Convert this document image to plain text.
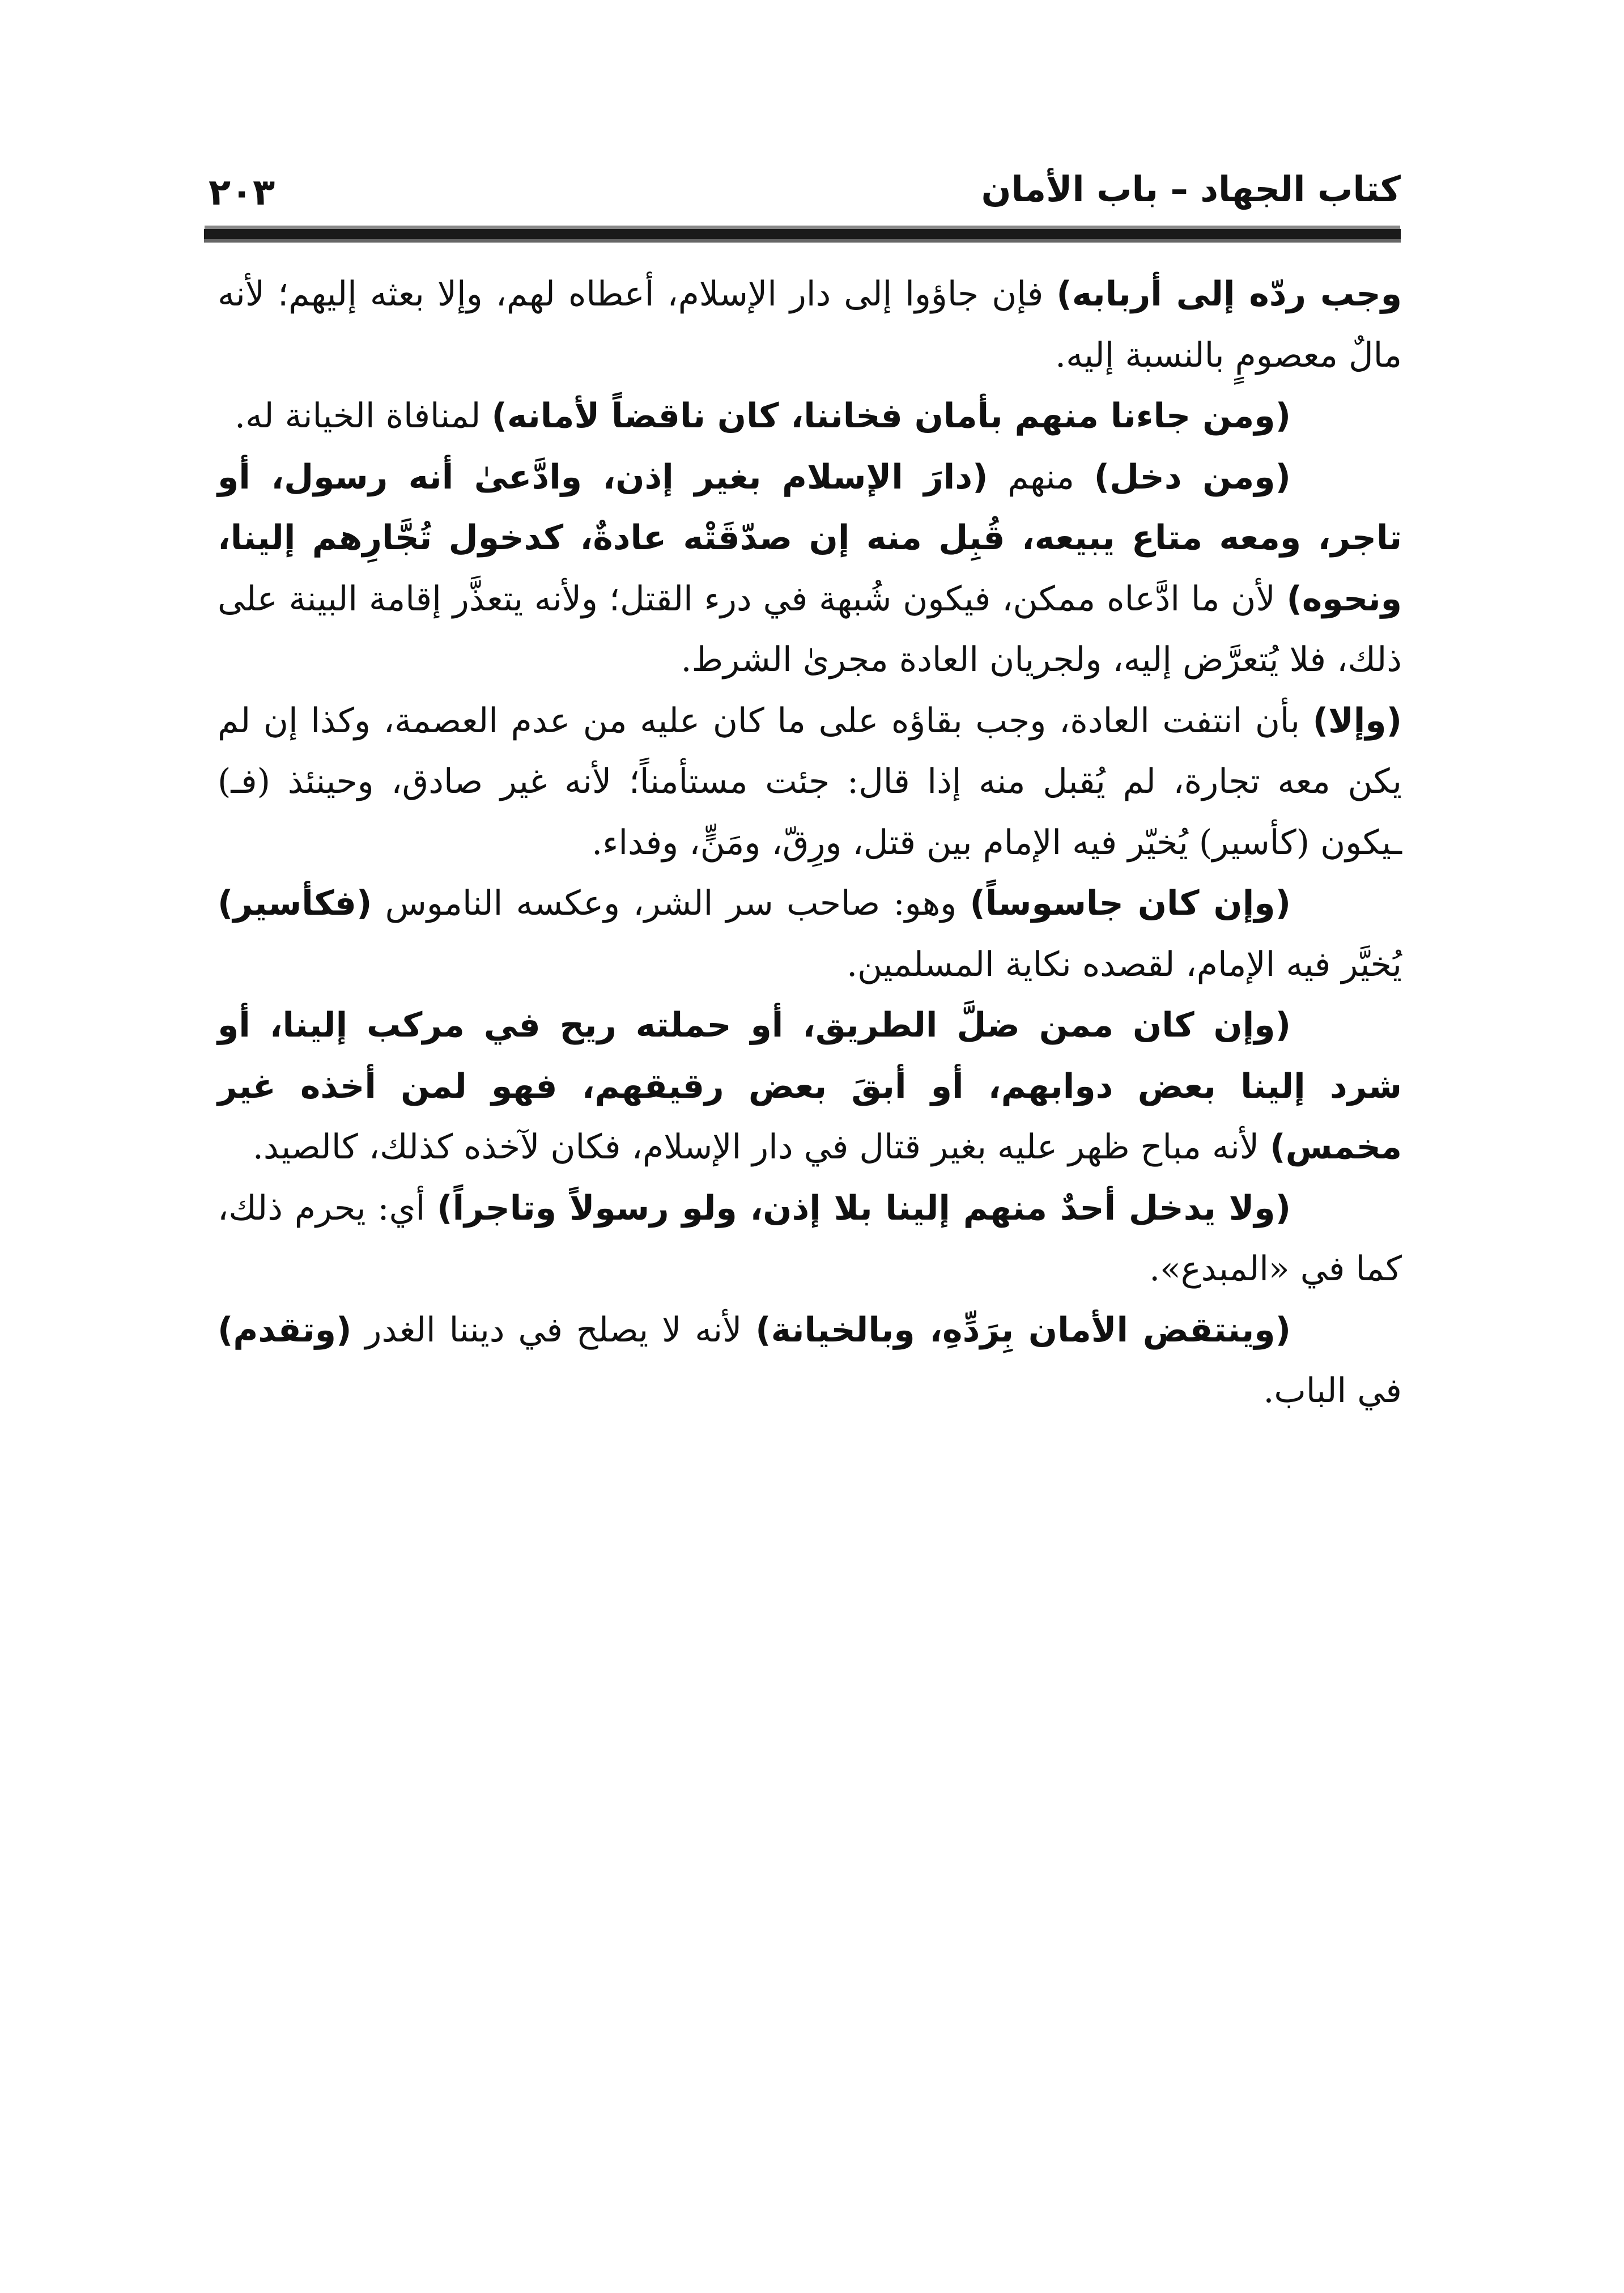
كتاب الجهاد – باب الأمان
٢٠٣

وجب ردّه إلى أربابه) فإن جاؤوا إلى دار الإسلام، أعطاه لهم، وإلا بعثه إليهم؛ لأنه مالٌ معصومٍ بالنسبة إليه.

(ومن جاءنا منهم بأمان فخاننا، كان ناقضاً لأمانه) لمنافاة الخيانة له.

(ومن دخل) منهم (دارَ الإسلام بغير إذن، وادَّعىٰ أنه رسول، أو تاجر، ومعه متاع يبيعه، قُبِل منه إن صدّقَتْه عادةٌ، كدخول تُجَّارِهم إلينا، ونحوه) لأن ما ادَّعاه ممكن، فيكون شُبهة في درء القتل؛ ولأنه يتعذَّر إقامة البينة على ذلك، فلا يُتعرَّض إليه، ولجريان العادة مجرىٰ الشرط.

(وإلا) بأن انتفت العادة، وجب بقاؤه على ما كان عليه من عدم العصمة، وكذا إن لم يكن معه تجارة، لم يُقبل منه إذا قال: جئت مستأمناً؛ لأنه غير صادق، وحينئذ (فـ) ـيكون (كأسير) يُخيّر فيه الإمام بين قتل، ورِقّ، ومَنٍّ، وفداء.

(وإن كان جاسوساً) وهو: صاحب سر الشر، وعكسه الناموس (فكأسير) يُخيَّر فيه الإمام، لقصده نكاية المسلمين.

(وإن كان ممن ضلَّ الطريق، أو حملته ريح في مركب إلينا، أو شرد إلينا بعض دوابهم، أو أبقَ بعض رقيقهم، فهو لمن أخذه غير مخمس) لأنه مباح ظهر عليه بغير قتال في دار الإسلام، فكان لآخذه كذلك، كالصيد.

(ولا يدخل أحدٌ منهم إلينا بلا إذن، ولو رسولاً وتاجراً) أي: يحرم ذلك، كما في «المبدع».

(وينتقض الأمان بِرَدِّهِ، وبالخيانة) لأنه لا يصلح في ديننا الغدر (وتقدم) في الباب.
